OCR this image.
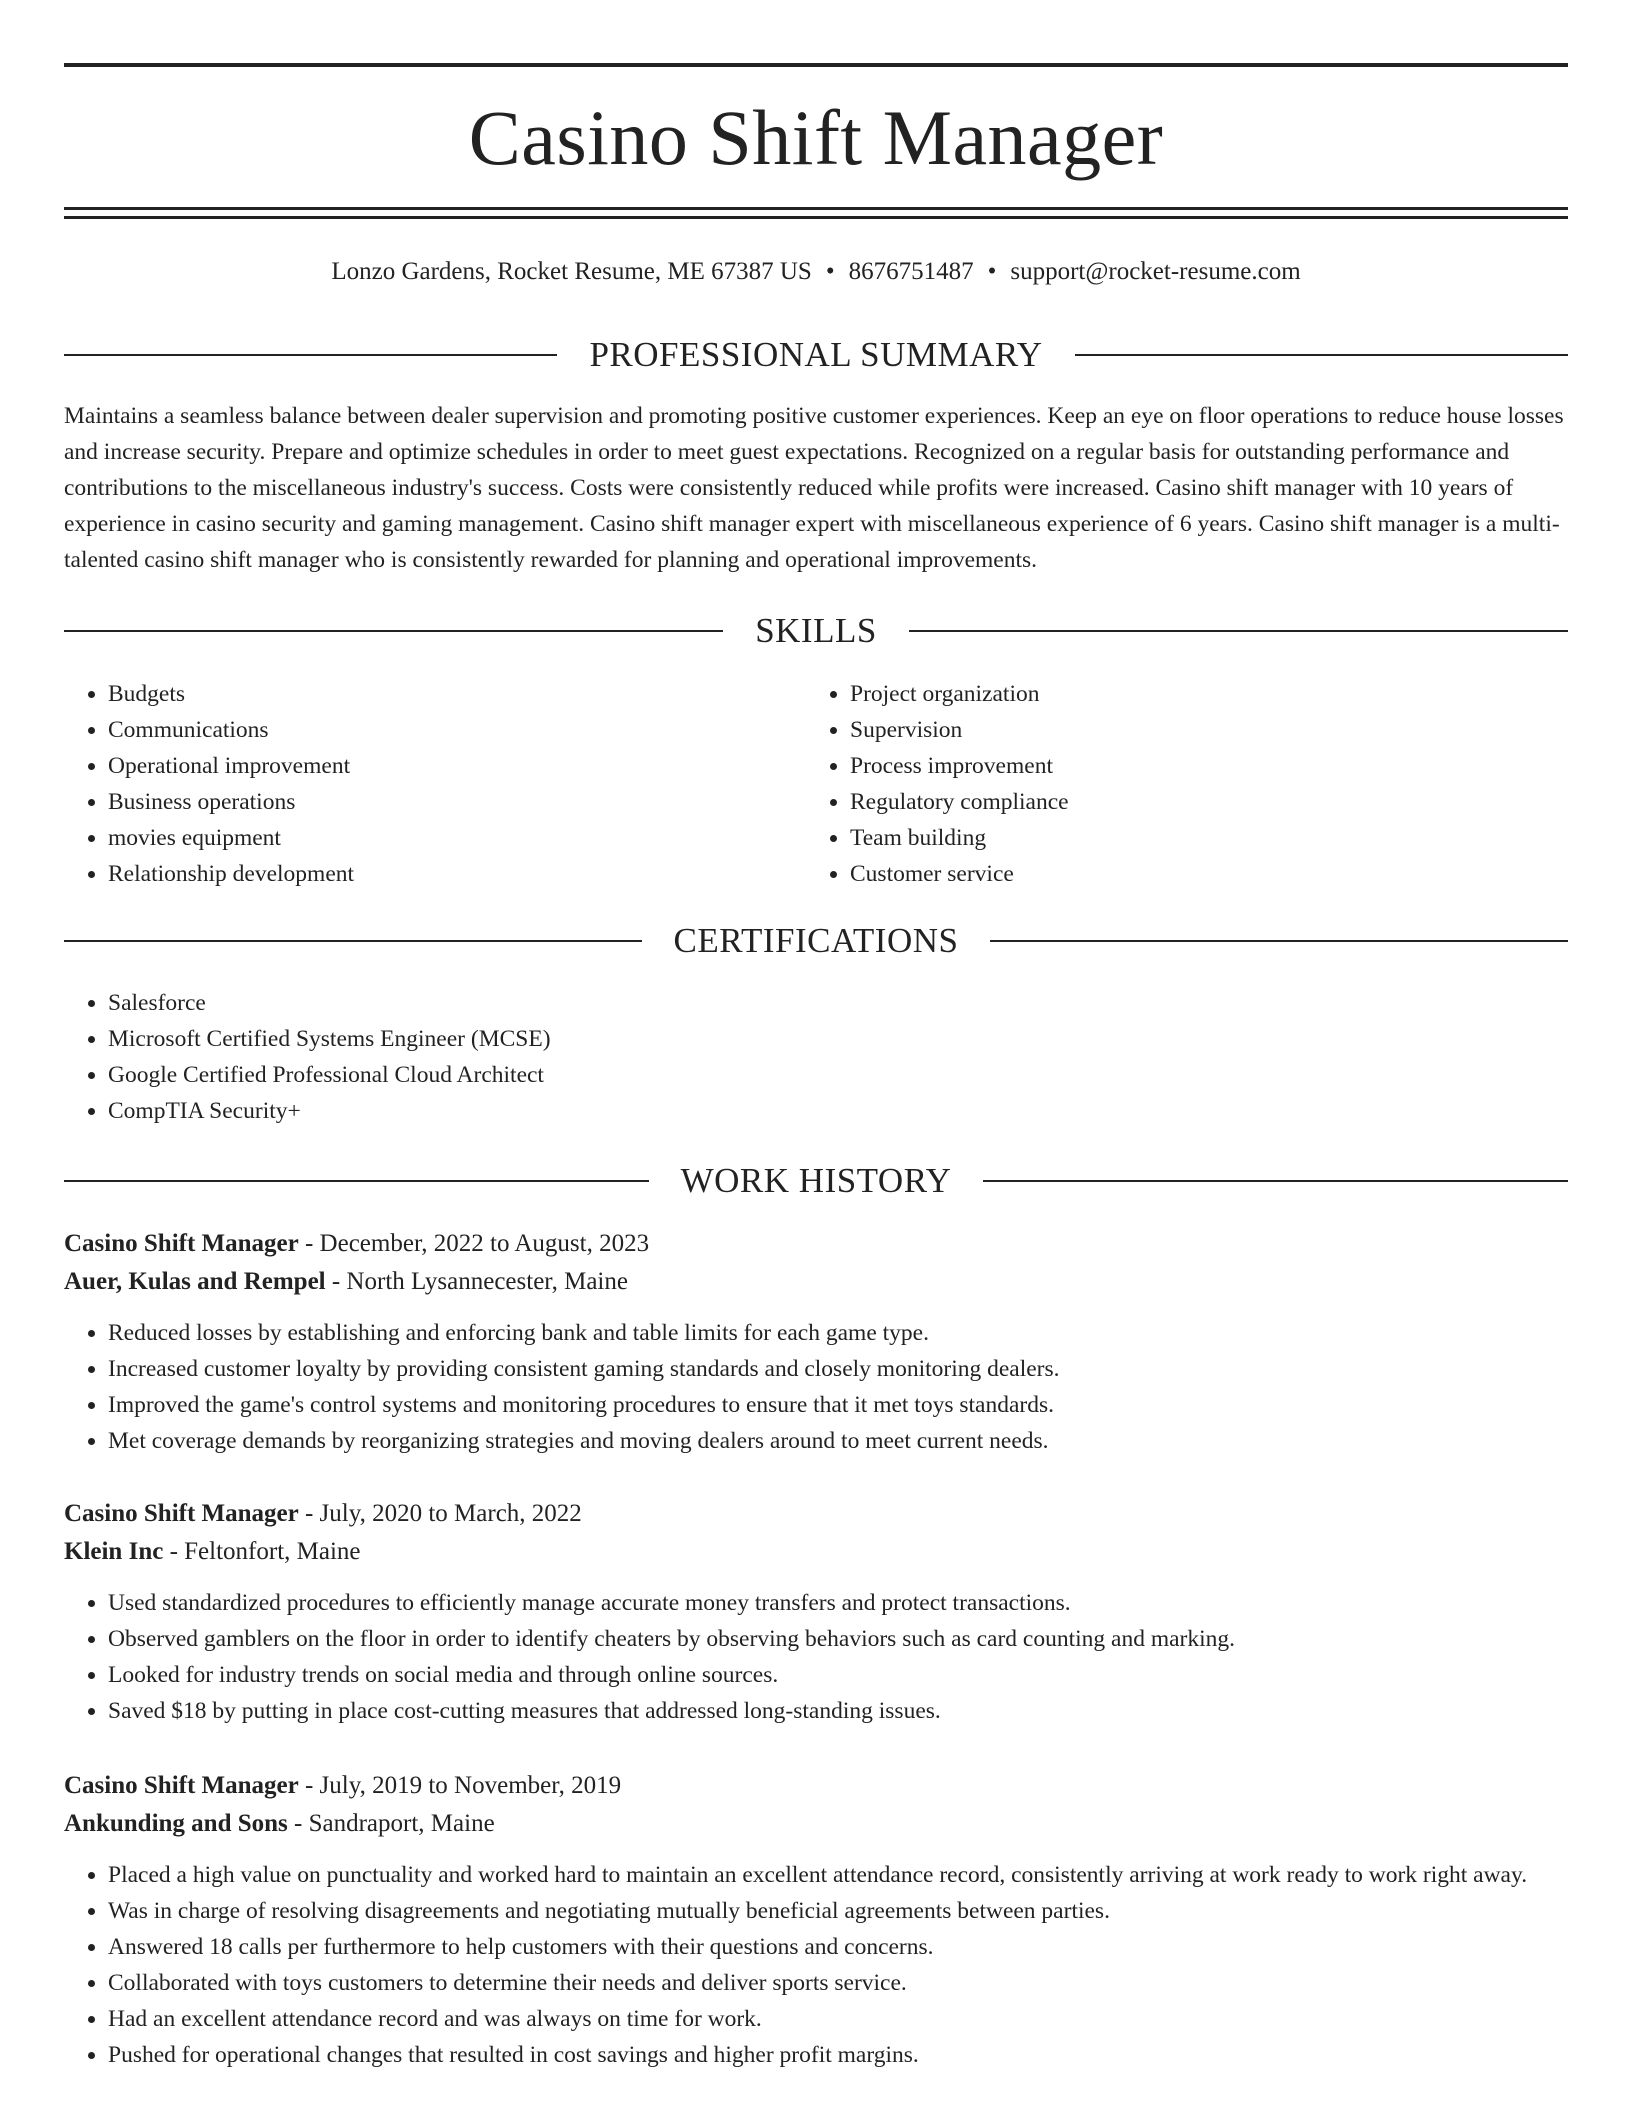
Casino Shift Manager
Lonzo Gardens, Rocket Resume, ME 67387 US • 8676751487 • support@rocket-resume.com
PROFESSIONAL SUMMARY

Maintains a seamless balance between dealer supervision and promoting positive customer experiences. Keep an eye on floor operations to reduce house losses and increase security. Prepare and optimize schedules in order to meet guest expectations. Recognized on a regular basis for outstanding performance and contributions to the miscellaneous industry's success. Costs were consistently reduced while profits were increased. Casino shift manager with 10 years of experience in casino security and gaming management. Casino shift manager expert with miscellaneous experience of 6 years. Casino shift manager is a multi-talented casino shift manager who is consistently rewarded for planning and operational improvements.

SKILLS
• Budgets
• Communications
• Operational improvement
• Business operations
• movies equipment
• Relationship development
• Project organization
• Supervision
• Process improvement
• Regulatory compliance
• Team building
• Customer service
CERTIFICATIONS
• Salesforce
• Microsoft Certified Systems Engineer (MCSE)
• Google Certified Professional Cloud Architect
• CompTIA Security+
WORK HISTORY
Casino Shift Manager - December, 2022 to August, 2023
Auer, Kulas and Rempel - North Lysannecester, Maine
• Reduced losses by establishing and enforcing bank and table limits for each game type.
• Increased customer loyalty by providing consistent gaming standards and closely monitoring dealers.
• Improved the game's control systems and monitoring procedures to ensure that it met toys standards.
• Met coverage demands by reorganizing strategies and moving dealers around to meet current needs.
Casino Shift Manager - July, 2020 to March, 2022
Klein Inc - Feltonfort, Maine
• Used standardized procedures to efficiently manage accurate money transfers and protect transactions.
• Observed gamblers on the floor in order to identify cheaters by observing behaviors such as card counting and marking.
• Looked for industry trends on social media and through online sources.
• Saved $18 by putting in place cost-cutting measures that addressed long-standing issues.
Casino Shift Manager - July, 2019 to November, 2019
Ankunding and Sons - Sandraport, Maine
• Placed a high value on punctuality and worked hard to maintain an excellent attendance record, consistently arriving at work ready to work right away.
• Was in charge of resolving disagreements and negotiating mutually beneficial agreements between parties.
• Answered 18 calls per furthermore to help customers with their questions and concerns.
• Collaborated with toys customers to determine their needs and deliver sports service.
• Had an excellent attendance record and was always on time for work.
• Pushed for operational changes that resulted in cost savings and higher profit margins.
